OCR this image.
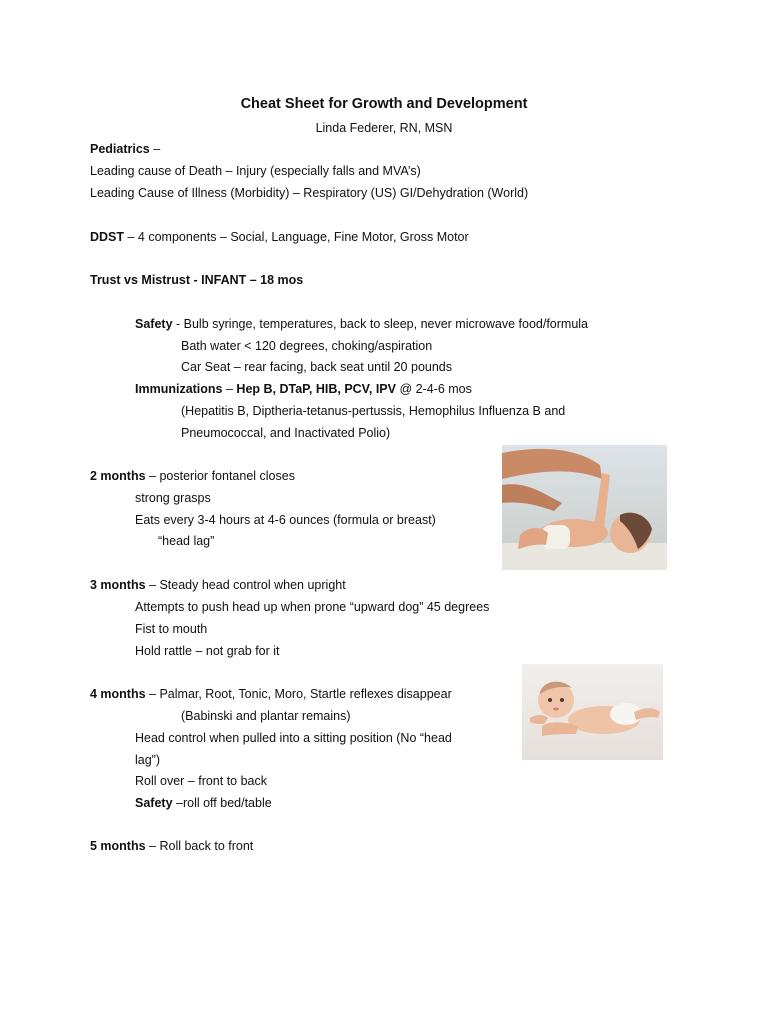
Cheat Sheet for Growth and Development
Linda Federer, RN, MSN
Pediatrics –
Leading cause of Death – Injury (especially falls and MVA’s)
Leading Cause of Illness (Morbidity) – Respiratory (US) GI/Dehydration (World)
DDST – 4 components – Social, Language, Fine Motor, Gross Motor
Trust vs Mistrust - INFANT – 18 mos
Safety - Bulb syringe, temperatures, back to sleep, never microwave food/formula
Bath water < 120 degrees, choking/aspiration
Car Seat – rear facing, back seat until 20 pounds
Immunizations – Hep B, DTaP, HIB, PCV, IPV @ 2-4-6 mos
(Hepatitis B, Diptheria-tetanus-pertussis, Hemophilus Influenza B and
Pneumococcal, and Inactivated Polio)
2 months – posterior fontanel closes
strong grasps
Eats every 3-4 hours at 4-6 ounces (formula or breast)
“head lag”
3 months – Steady head control when upright
Attempts to push head up when prone “upward dog” 45 degrees
Fist to mouth
Hold rattle – not grab for it
4 months – Palmar, Root, Tonic, Moro, Startle reflexes disappear
(Babinski and plantar remains)
Head control when pulled into a sitting position (No “head
lag”)
Roll over – front to back
Safety –roll off bed/table
5 months – Roll back to front
